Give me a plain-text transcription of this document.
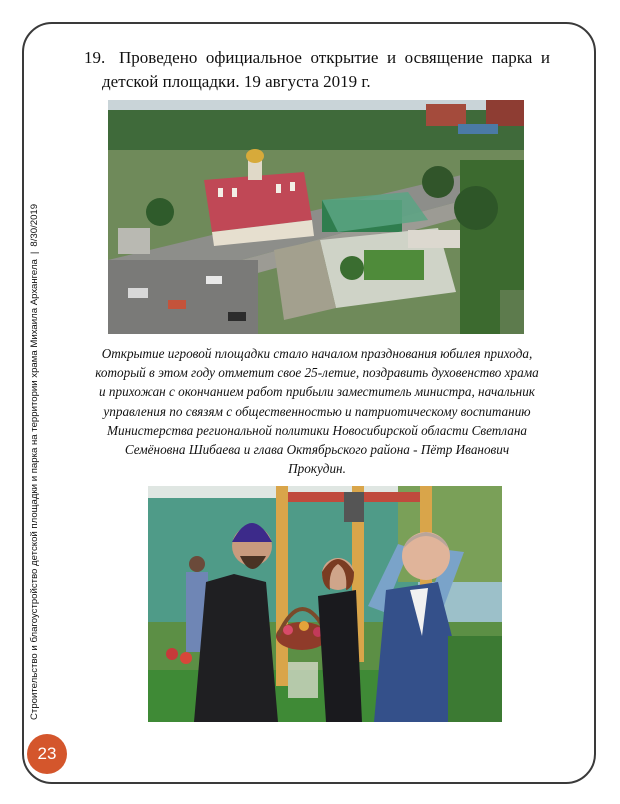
Строительство и благоустройство детской площадки и парка на территории храма Михаила Архангела|8/30/2019
23
19. Проведено официальное открытие и освящение парка и
детской площадки. 19 августа 2019 г.
Открытие игровой площадки стало началом празднования юбилея прихода, который в этом году отметит свое 25-летие, поздравить духовенство храма и прихожан с окончанием работ прибыли заместитель министра, начальник управления по связям с общественностью и патриотическому воспитанию Министерства региональной политики Новосибирской области Светлана Семёновна Шибаева и глава Октябрьского района - Пётр Иванович Прокудин.
